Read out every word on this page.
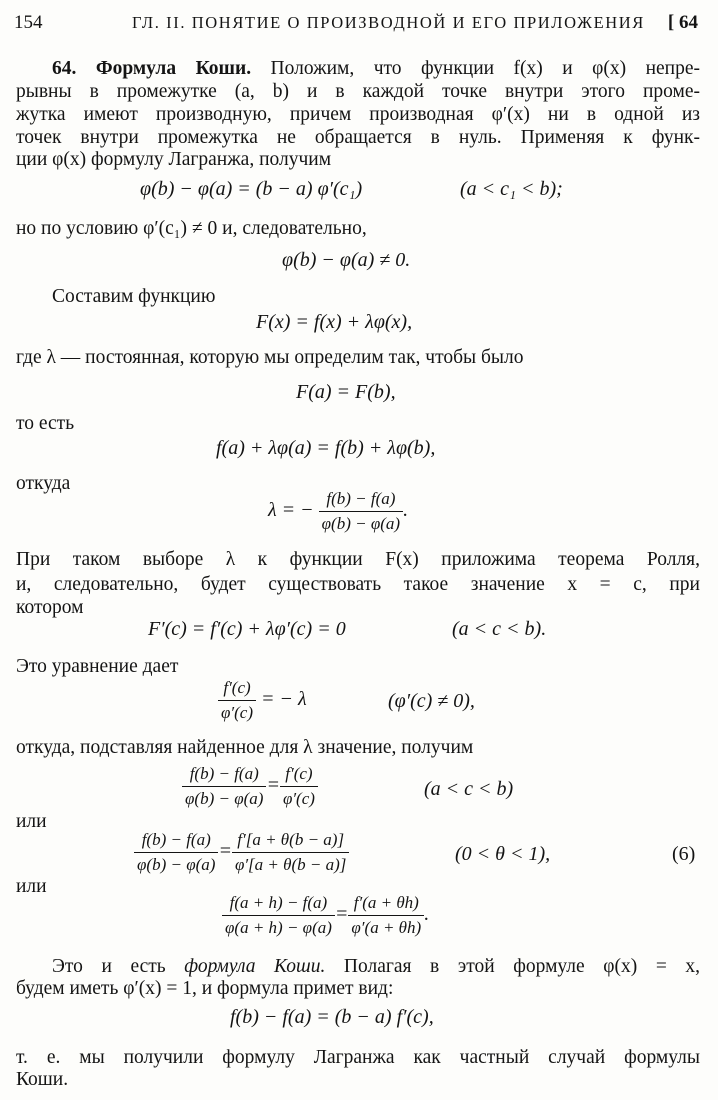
154	ГЛ. II. ПОНЯТИЕ О ПРОИЗВОДНОЙ И ЕГО ПРИЛОЖЕНИЯ [ 64
64. Формула Коши. Положим, что функции f(x) и φ(x) непре-
рывны в промежутке (a, b) и в каждой точке внутри этого проме-
жутка имеют производную, причем производная φ′(x) ни в одной из
точек внутри промежутка не обращается в нуль. Применяя к функ-
ции φ(x) формулу Лагранжа, получим
φ(b) − φ(a) = (b − a) φ′(c₁)	(a < c₁ < b);
но по условию φ′(c₁) ≠ 0 и, следовательно,
φ(b) − φ(a) ≠ 0.
Составим функцию
F(x) = f(x) + λφ(x),
где λ — постоянная, которую мы определим так, чтобы было
F(a) = F(b),
то есть
f(a) + λφ(a) = f(b) + λφ(b),
откуда
λ = − $\frac{f(b) - f(a)}{\varphi(b) - \varphi(a)}$ .
При таком выборе λ к функции F(x) приложима теорема Ролля,
и, следовательно, будет существовать такое значение x = c, при
котором
F′(c) = f′(c) + λφ′(c) = 0	(a < c < b).
Это уравнение дает
$\frac{f'(c)}{\varphi'(c)}$ = − λ	(φ′(c) ≠ 0),
откуда, подставляя найденное для λ значение, получим
$\frac{f(b) - f(a)}{\varphi(b) - \varphi(a)} = \frac{f'(c)}{\varphi'(c)}$	(a < c < b)
или
$\frac{f(b) - f(a)}{\varphi(b) - \varphi(a)} = \frac{f'[a + \theta(b - a)]}{\varphi'[a + \theta(b - a)]}$	(0 < θ < 1),	(6)
или
$\frac{f(a + h) - f(a)}{\varphi(a + h) - \varphi(a)} = \frac{f'(a + \theta h)}{\varphi'(a + \theta h)}$ .
Это и есть формула Коши. Полагая в этой формуле φ(x) = x,
будем иметь φ′(x) = 1, и формула примет вид:
f(b) − f(a) = (b − a) f′(c),
т. е. мы получили формулу Лагранжа как частный случай формулы
Коши.
